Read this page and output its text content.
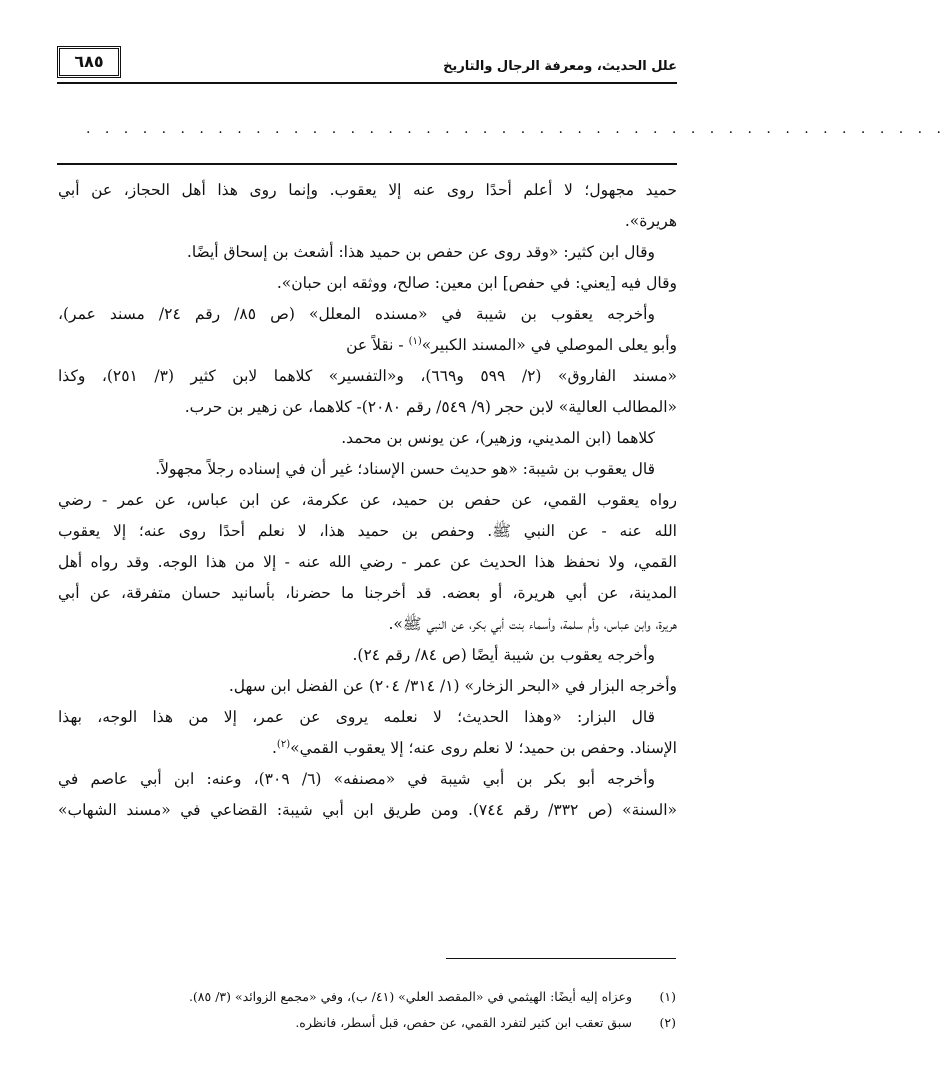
علل الحديث، ومعرفة الرجال والتاريخ
٦٨٥
. . . . . . . . . . . . . . . . . . . . . . . . . . . . . . . . . . . . . . . . . . . . . .
حميد مجهول؛ لا أعلم أحدًا روى عنه إلا يعقوب. وإنما روى هذا أهل الحجاز، عن أبي
هريرة».
وقال ابن كثير: «وقد روى عن حفص بن حميد هذا: أشعث بن إسحاق أيضًا.
وقال فيه [يعني: في حفص] ابن معين: صالح، ووثقه ابن حبان».
وأخرجه يعقوب بن شيبة في «مسنده المعلل» (ص ٨٥/ رقم ٢٤/ مسند عمر)،
وأبو يعلى الموصلي في «المسند الكبير»$^{(١)}$ - نقلاً عن
«مسند الفاروق» (٢/ ٥٩٩ و٦٦٩)، و«التفسير» كلاهما لابن كثير (٣/ ٢٥١)، وكذا
«المطالب العالية» لابن حجر (٩/ ٥٤٩/ رقم ٢٠٨٠)- كلاهما، عن زهير بن حرب.
كلاهما (ابن المديني، وزهير)، عن يونس بن محمد.
قال يعقوب بن شيبة: «هو حديث حسن الإسناد؛ غير أن في إسناده رجلاً مجهولاً.
رواه يعقوب القمي، عن حفص بن حميد، عن عكرمة، عن ابن عباس، عن عمر - رضي
الله عنه - عن النبي ﷺ. وحفص بن حميد هذا، لا نعلم أحدًا روى عنه؛ إلا يعقوب
القمي، ولا نحفظ هذا الحديث عن عمر - رضي الله عنه - إلا من هذا الوجه. وقد رواه أهل
المدينة، عن أبي هريرة، أو بعضه. قد أخرجنا ما حضرنا، بأسانيد حسان متفرقة، عن أبي
هريرة، وابن عباس، وأم سلمة، وأسماء بنت أبي بكر، عن النبي ﷺ».
وأخرجه يعقوب بن شيبة أيضًا (ص ٨٤/ رقم ٢٤).
وأخرجه البزار في «البحر الزخار» (١/ ٣١٤/ ٢٠٤) عن الفضل ابن سهل.
قال البزار: «وهذا الحديث؛ لا نعلمه يروى عن عمر، إلا من هذا الوجه، بهذا
الإسناد. وحفص بن حميد؛ لا نعلم روى عنه؛ إلا يعقوب القمي»$^{(٢)}$.
وأخرجه أبو بكر بن أبي شيبة في «مصنفه» (٦/ ٣٠٩)، وعنه: ابن أبي عاصم في
«السنة» (ص ٣٣٢/ رقم ٧٤٤). ومن طريق ابن أبي شيبة: القضاعي في «مسند الشهاب»
(١) وعزاه إليه أيضًا: الهيثمي في «المقصد العلي» (٤١/ ب)، وفي «مجمع الزوائد» (٣/ ٨٥).
(٢) سبق تعقب ابن كثير لتفرد القمي، عن حفص، قبل أسطر، فانظره.
